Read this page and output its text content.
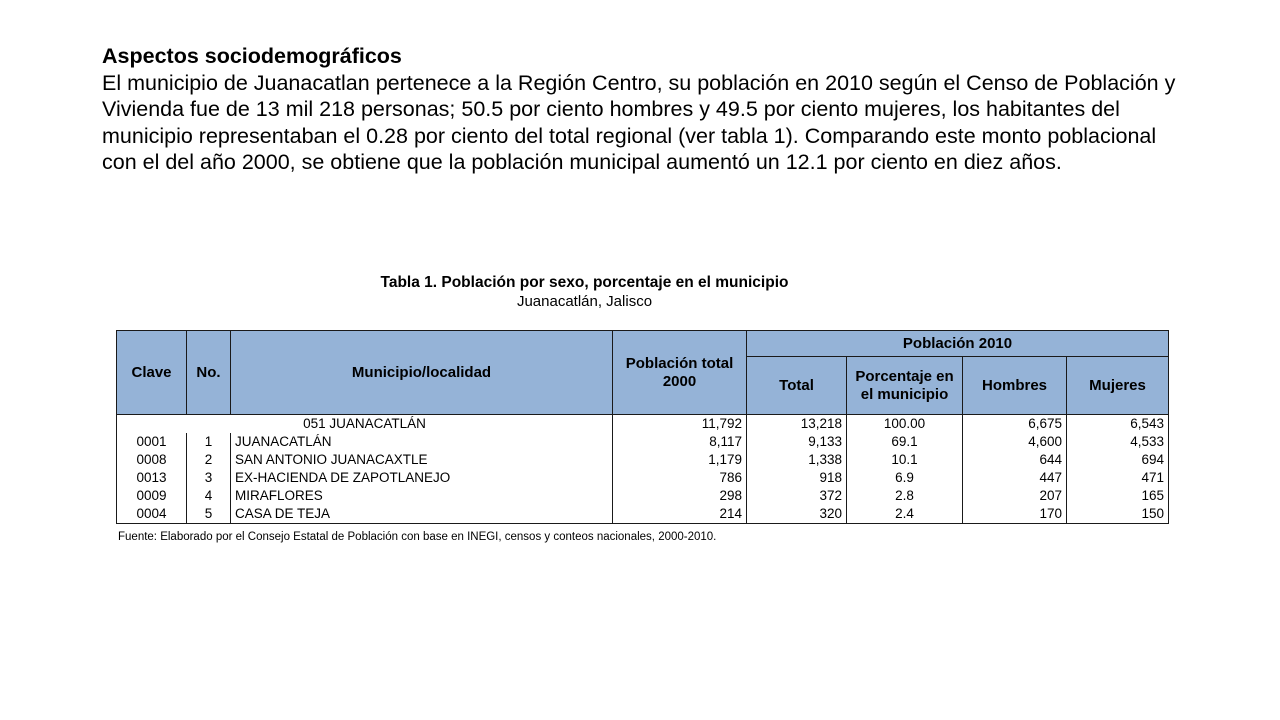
Aspectos sociodemográficos
El municipio de Juanacatlan pertenece a la Región Centro, su población en 2010 según el Censo de Población y Vivienda fue de 13 mil 218 personas; 50.5 por ciento hombres y 49.5 por ciento mujeres, los habitantes del municipio representaban el 0.28 por ciento del total regional (ver tabla 1). Comparando este monto poblacional con el del año 2000, se obtiene que la población municipal aumentó un 12.1 por ciento en diez años.
Tabla 1. Población por sexo, porcentaje en el municipio
Juanacatlán, Jalisco
Clave	No.	Municipio/localidad	Población total 2000	Población 2010			
				Total	Porcentaje en el municipio	Hombres	Mujeres
051 JUANACATLÁN			11,792	13,218	100.00	6,675	6,543
0001	1	JUANACATLÁN	8,117	9,133	69.1	4,600	4,533
0008	2	SAN ANTONIO JUANACAXTLE	1,179	1,338	10.1	644	694
0013	3	EX-HACIENDA DE ZAPOTLANEJO	786	918	6.9	447	471
0009	4	MIRAFLORES	298	372	2.8	207	165
0004	5	CASA DE TEJA	214	320	2.4	170	150
Fuente: Elaborado por el Consejo Estatal de Población con base en INEGI, censos y conteos nacionales, 2000-2010.
